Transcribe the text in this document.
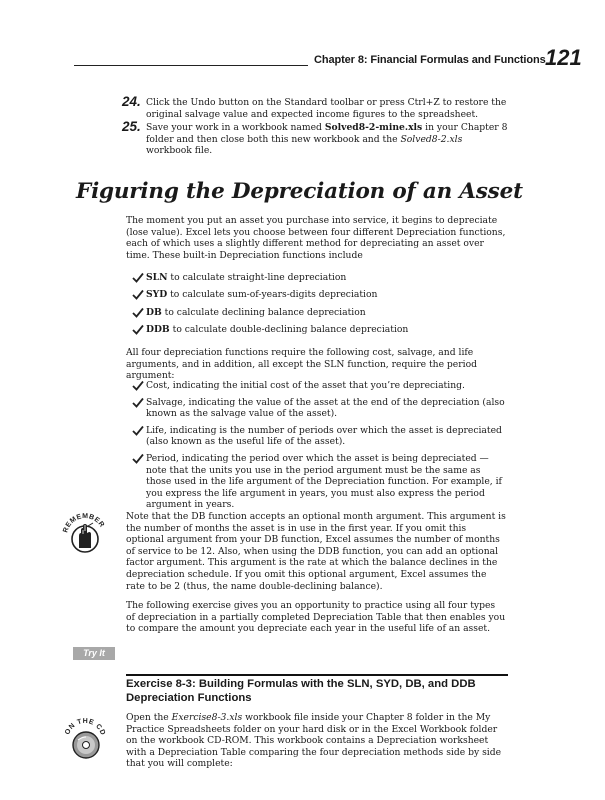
Chapter 8: Financial Formulas and Functions 121
24. Click the Undo button on the Standard toolbar or press Ctrl+Z to restore the original salvage value and expected income figures to the spreadsheet.
25. Save your work in a workbook named Solved8-2-mine.xls in your Chapter 8 folder and then close both this new workbook and the Solved8-2.xls workbook file.
Figuring the Depreciation of an Asset
The moment you put an asset you purchase into service, it begins to depreciate (lose value). Excel lets you choose between four different Depreciation functions, each of which uses a slightly different method for depreciating an asset over time. These built-in Depreciation functions include
SLN to calculate straight-line depreciation
SYD to calculate sum-of-years-digits depreciation
DB to calculate declining balance depreciation
DDB to calculate double-declining balance depreciation
All four depreciation functions require the following cost, salvage, and life arguments, and in addition, all except the SLN function, require the period argument:
Cost, indicating the initial cost of the asset that you’re depreciating.
Salvage, indicating the value of the asset at the end of the depreciation (also known as the salvage value of the asset).
Life, indicating is the number of periods over which the asset is depreciated (also known as the useful life of the asset).
Period, indicating the period over which the asset is being depreciated — note that the units you use in the period argument must be the same as those used in the life argument of the Depreciation function. For example, if you express the life argument in years, you must also express the period argument in years.
REMEMBER
Note that the DB function accepts an optional month argument. This argument is the number of months the asset is in use in the first year. If you omit this optional argument from your DB function, Excel assumes the number of months of service to be 12. Also, when using the DDB function, you can add an optional factor argument. This argument is the rate at which the balance declines in the depreciation schedule. If you omit this optional argument, Excel assumes the rate to be 2 (thus, the name double-declining balance).
The following exercise gives you an opportunity to practice using all four types of depreciation in a partially completed Depreciation Table that then enables you to compare the amount you depreciate each year in the useful life of an asset.
Try It
Exercise 8-3: Building Formulas with the SLN, SYD, DB, and DDB Depreciation Functions
ON THE CD
Open the Exercise8-3.xls workbook file inside your Chapter 8 folder in the My Practice Spreadsheets folder on your hard disk or in the Excel Workbook folder on the workbook CD-ROM. This workbook contains a Depreciation worksheet with a Depreciation Table comparing the four depreciation methods side by side that you will complete:
